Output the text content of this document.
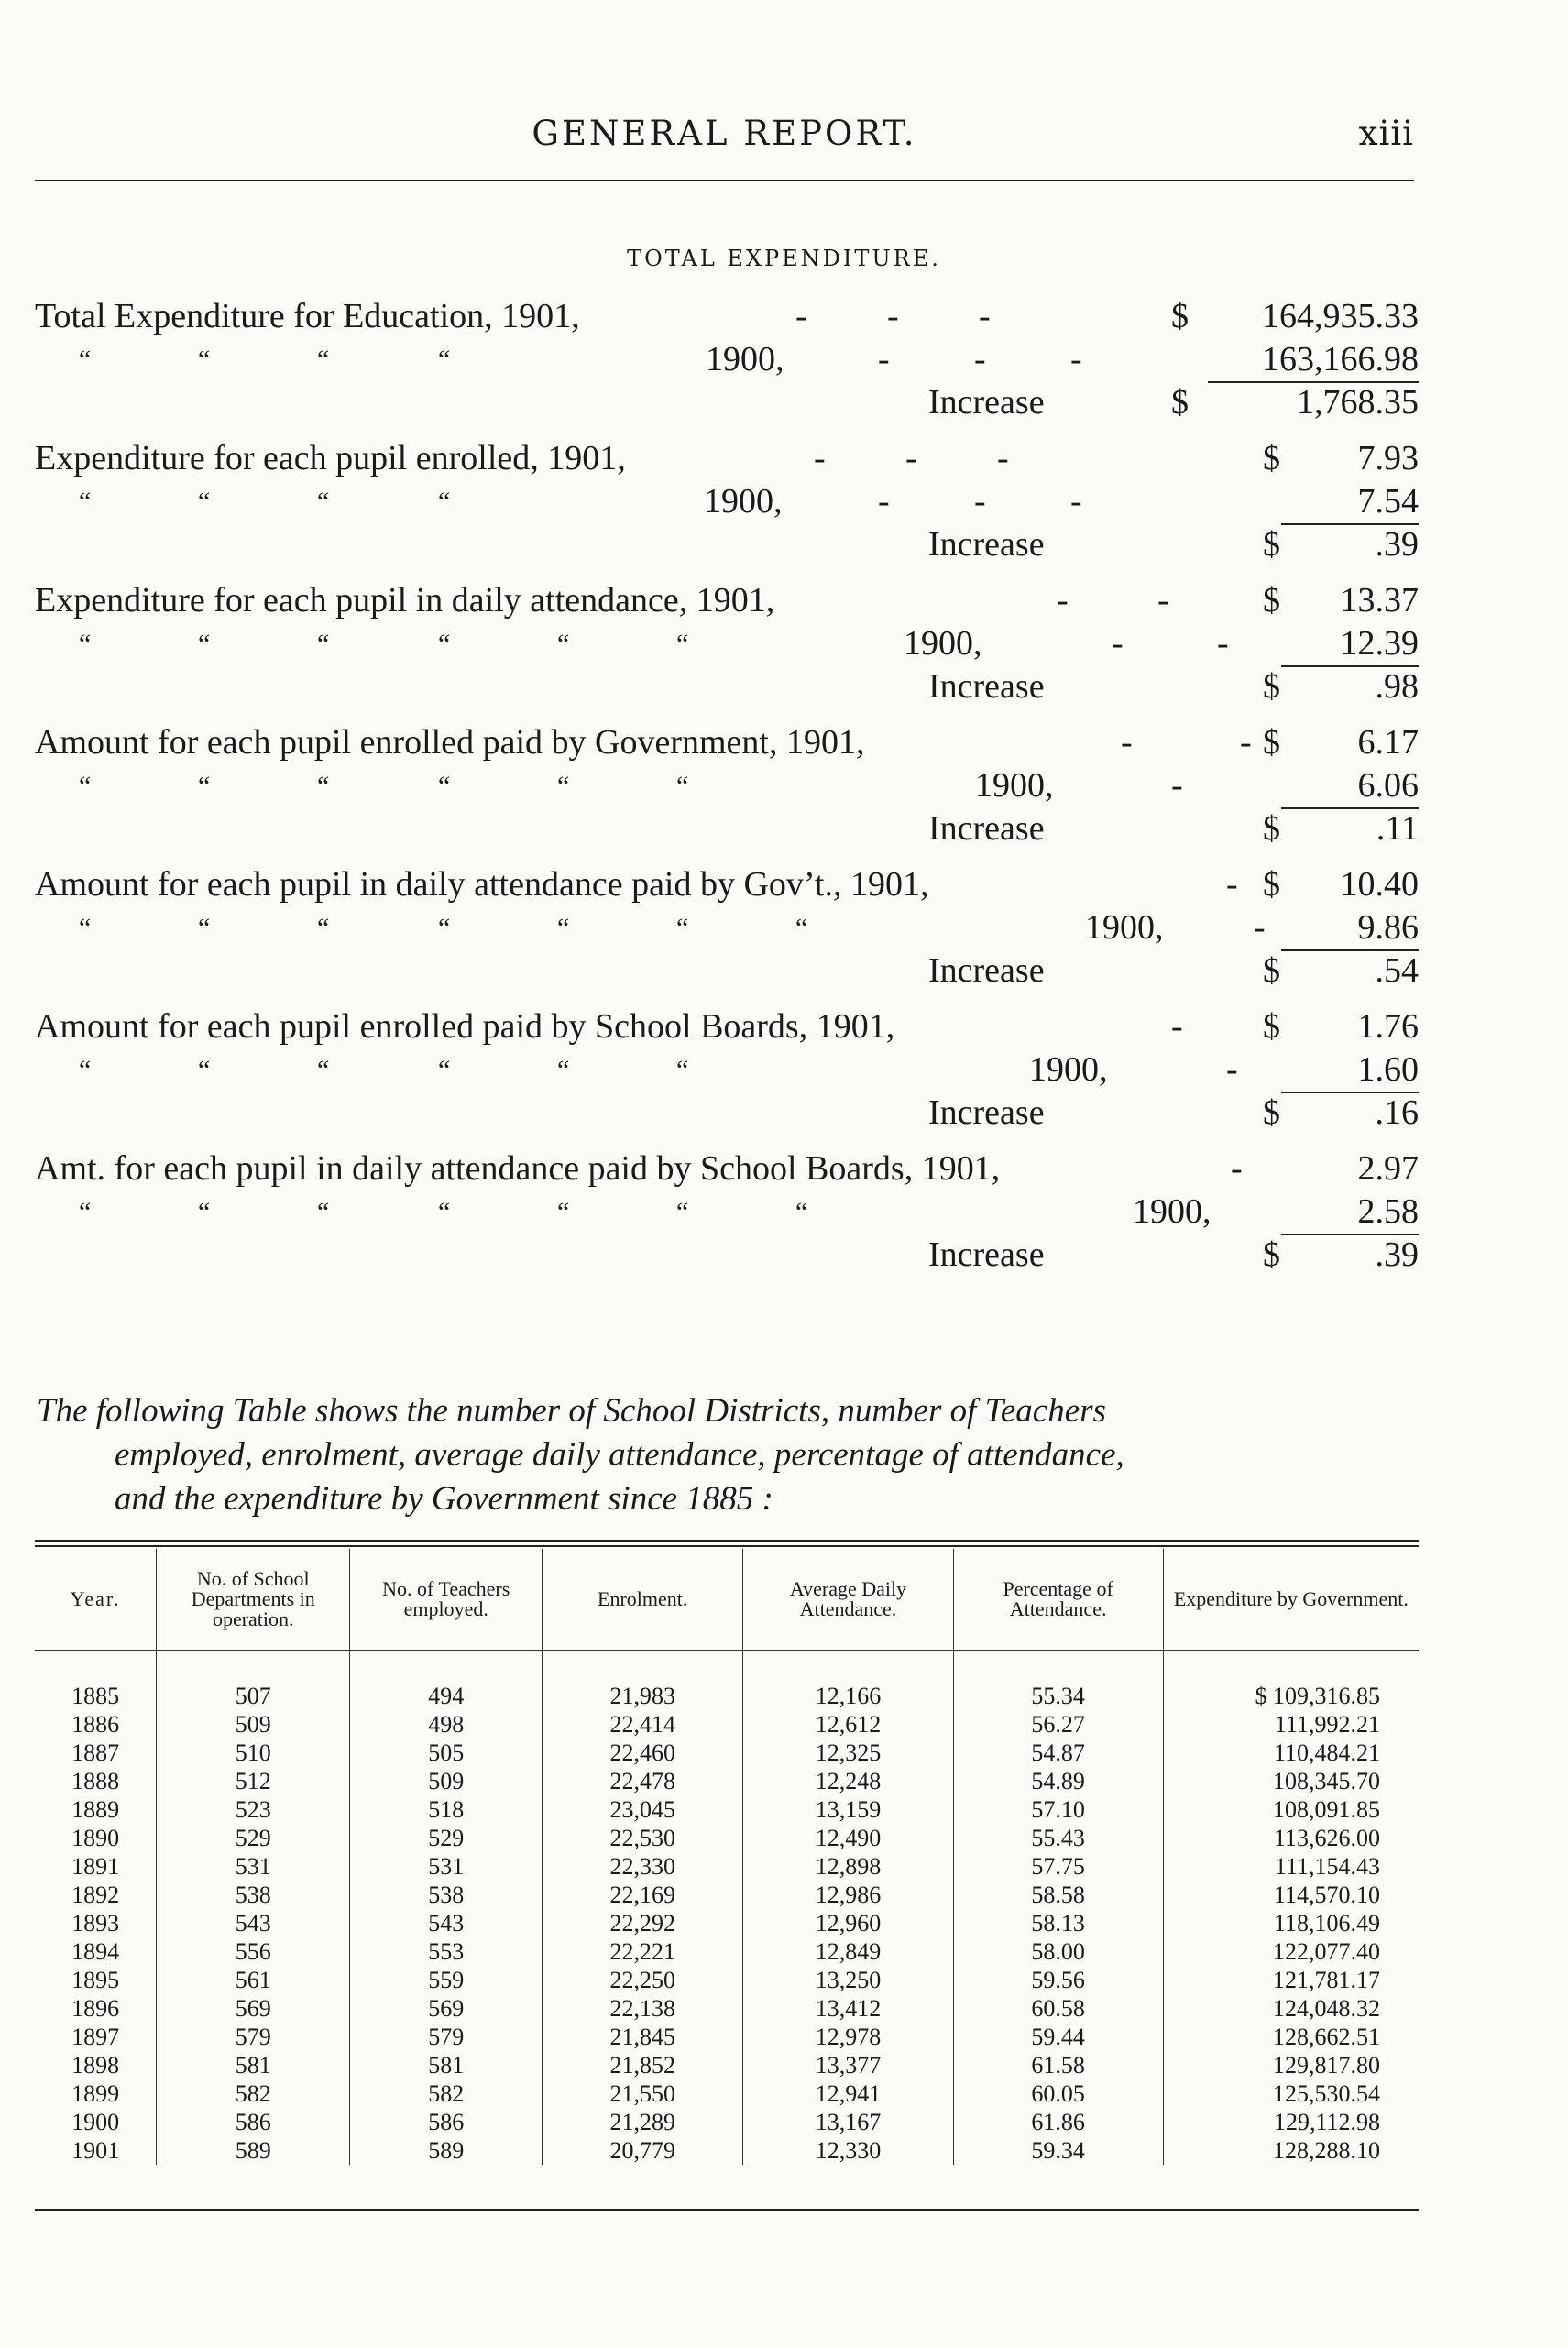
GENERAL REPORT.	xiii
TOTAL EXPENDITURE.
Total Expenditure for Education, 1901,	- - -	$ 164,935.33
“	“	“	“	1900,	- - -	163,166.98
Increase	$	1,768.35
Expenditure for each pupil enrolled, 1901,	- - -	$ 7.93
“	“	“	“	1900,	- - -	7.54
Increase	$	.39
Expenditure for each pupil in daily attendance, 1901,	-	-	$ 13.37
“	“	“	“	“	“	1900,	-	-	12.39
Increase	$	.98
Amount for each pupil enrolled paid by Government, 1901,	-	- $ 6.17
“	“	“	“	“	“	1900,	-	6.06
Increase	$	.11
Amount for each pupil in daily attendance paid by Gov’t., 1901,	- $ 10.40
“	“	“	“	“	“	“	1900,	-	9.86
Increase	$	.54
Amount for each pupil enrolled paid by School Boards, 1901,	- $ 1.76
“	“	“	“	“	“	1900,	-	1.60
Increase	$	.16
Amt. for each pupil in daily attendance paid by School Boards, 1901,	-	2.97
“	“	“	“	“	“	“	1900,	2.58
Increase	$	.39
The following Table shows the number of School Districts, number of Teachers
employed, enrolment, average daily attendance, percentage of attendance,
and the expenditure by Government since 1885 :
Year.	No. of School Departments in operation.	No. of Teachers employed.	Enrolment.	Average Daily Attendance.	Percentage of Attendance.	Expenditure by Government.

1885	507	494	21,983	12,166	55.34	$ 109,316.85
1886	509	498	22,414	12,612	56.27	111,992.21
1887	510	505	22,460	12,325	54.87	110,484.21
1888	512	509	22,478	12,248	54.89	108,345.70
1889	523	518	23,045	13,159	57.10	108,091.85
1890	529	529	22,530	12,490	55.43	113,626.00
1891	531	531	22,330	12,898	57.75	111,154.43
1892	538	538	22,169	12,986	58.58	114,570.10
1893	543	543	22,292	12,960	58.13	118,106.49
1894	556	553	22,221	12,849	58.00	122,077.40
1895	561	559	22,250	13,250	59.56	121,781.17
1896	569	569	22,138	13,412	60.58	124,048.32
1897	579	579	21,845	12,978	59.44	128,662.51
1898	581	581	21,852	13,377	61.58	129,817.80
1899	582	582	21,550	12,941	60.05	125,530.54
1900	586	586	21,289	13,167	61.86	129,112.98
1901	589	589	20,779	12,330	59.34	128,288.10
